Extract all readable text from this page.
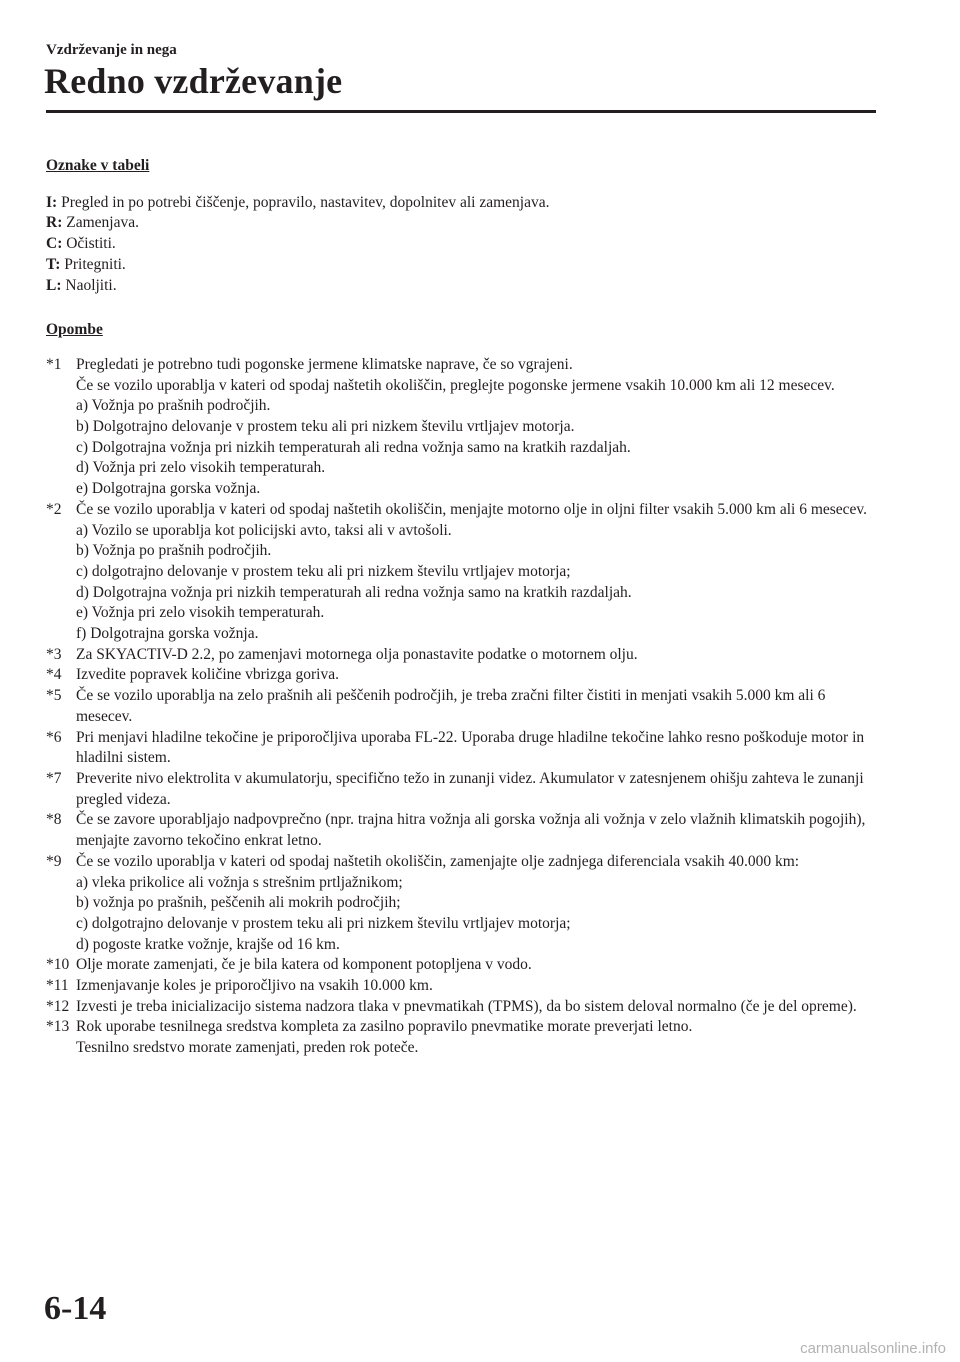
Vzdrževanje in nega
Redno vzdrževanje
Oznake v tabeli
I: Pregled in po potrebi čiščenje, popravilo, nastavitev, dopolnitev ali zamenjava.
R: Zamenjava.
C: Očistiti.
T: Pritegniti.
L: Naoljiti.
Opombe
*1 Pregledati je potrebno tudi pogonske jermene klimatske naprave, če so vgrajeni.
Če se vozilo uporablja v kateri od spodaj naštetih okoliščin, preglejte pogonske jermene vsakih 10.000 km ali 12 mesecev.
a) Vožnja po prašnih področjih.
b) Dolgotrajno delovanje v prostem teku ali pri nizkem številu vrtljajev motorja.
c) Dolgotrajna vožnja pri nizkih temperaturah ali redna vožnja samo na kratkih razdaljah.
d) Vožnja pri zelo visokih temperaturah.
e) Dolgotrajna gorska vožnja.
*2 Če se vozilo uporablja v kateri od spodaj naštetih okoliščin, menjajte motorno olje in oljni filter vsakih 5.000 km ali 6 mesecev.
a) Vozilo se uporablja kot policijski avto, taksi ali v avtošoli.
b) Vožnja po prašnih področjih.
c) dolgotrajno delovanje v prostem teku ali pri nizkem številu vrtljajev motorja;
d) Dolgotrajna vožnja pri nizkih temperaturah ali redna vožnja samo na kratkih razdaljah.
e) Vožnja pri zelo visokih temperaturah.
f) Dolgotrajna gorska vožnja.
*3 Za SKYACTIV-D 2.2, po zamenjavi motornega olja ponastavite podatke o motornem olju.
*4 Izvedite popravek količine vbrizga goriva.
*5 Če se vozilo uporablja na zelo prašnih ali peščenih področjih, je treba zračni filter čistiti in menjati vsakih 5.000 km ali 6 mesecev.
*6 Pri menjavi hladilne tekočine je priporočljiva uporaba FL-22. Uporaba druge hladilne tekočine lahko resno poškoduje motor in hladilni sistem.
*7 Preverite nivo elektrolita v akumulatorju, specifično težo in zunanji videz. Akumulator v zatesnjenem ohišju zahteva le zunanji pregled videza.
*8 Če se zavore uporabljajo nadpovprečno (npr. trajna hitra vožnja ali gorska vožnja ali vožnja v zelo vlažnih klimatskih pogojih), menjajte zavorno tekočino enkrat letno.
*9 Če se vozilo uporablja v kateri od spodaj naštetih okoliščin, zamenjajte olje zadnjega diferenciala vsakih 40.000 km:
a) vleka prikolice ali vožnja s strešnim prtljažnikom;
b) vožnja po prašnih, peščenih ali mokrih področjih;
c) dolgotrajno delovanje v prostem teku ali pri nizkem številu vrtljajev motorja;
d) pogoste kratke vožnje, krajše od 16 km.
*10 Olje morate zamenjati, če je bila katera od komponent potopljena v vodo.
*11 Izmenjavanje koles je priporočljivo na vsakih 10.000 km.
*12 Izvesti je treba inicializacijo sistema nadzora tlaka v pnevmatikah (TPMS), da bo sistem deloval normalno (če je del opreme).
*13 Rok uporabe tesnilnega sredstva kompleta za zasilno popravilo pnevmatike morate preverjati letno.
Tesnilno sredstvo morate zamenjati, preden rok poteče.
6-14
carmanualsonline.info
